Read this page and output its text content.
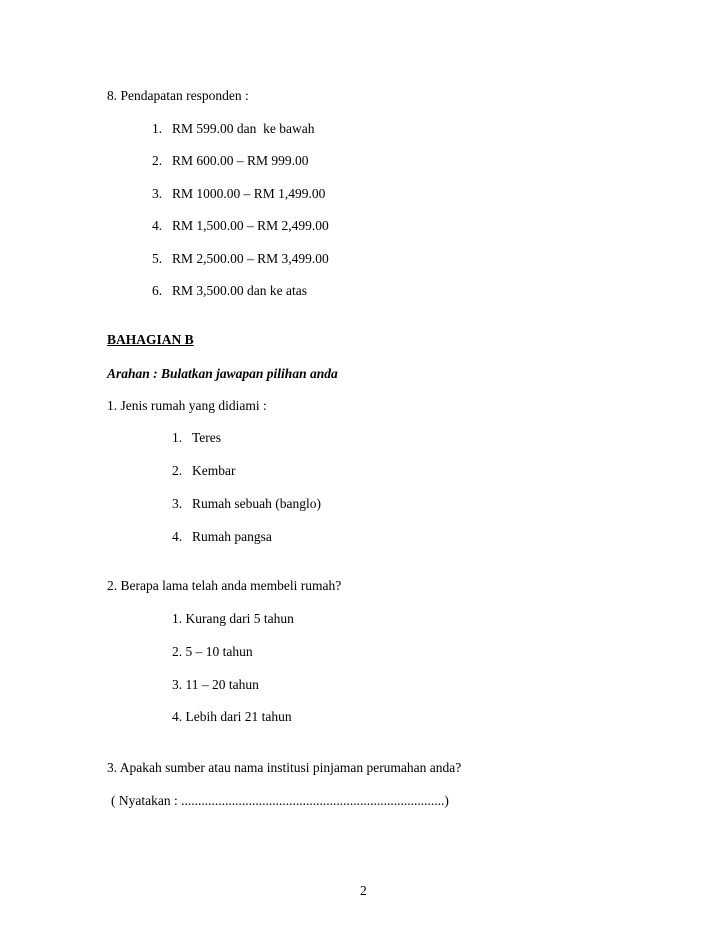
8. Pendapatan responden :
1. RM 599.00 dan  ke bawah
2. RM 600.00 – RM 999.00
3. RM 1000.00 – RM 1,499.00
4. RM 1,500.00 – RM 2,499.00
5. RM 2,500.00 – RM 3,499.00
6. RM 3,500.00 dan ke atas
BAHAGIAN B
Arahan : Bulatkan jawapan pilihan anda
1. Jenis rumah yang didiami :
1. Teres
2. Kembar
3. Rumah sebuah (banglo)
4. Rumah pangsa
2. Berapa lama telah anda membeli rumah?
1. Kurang dari 5 tahun
2. 5 – 10 tahun
3. 11 – 20 tahun
4. Lebih dari 21 tahun
3. Apakah sumber atau nama institusi pinjaman perumahan anda?
( Nyatakan : ..............................................................................)
2
